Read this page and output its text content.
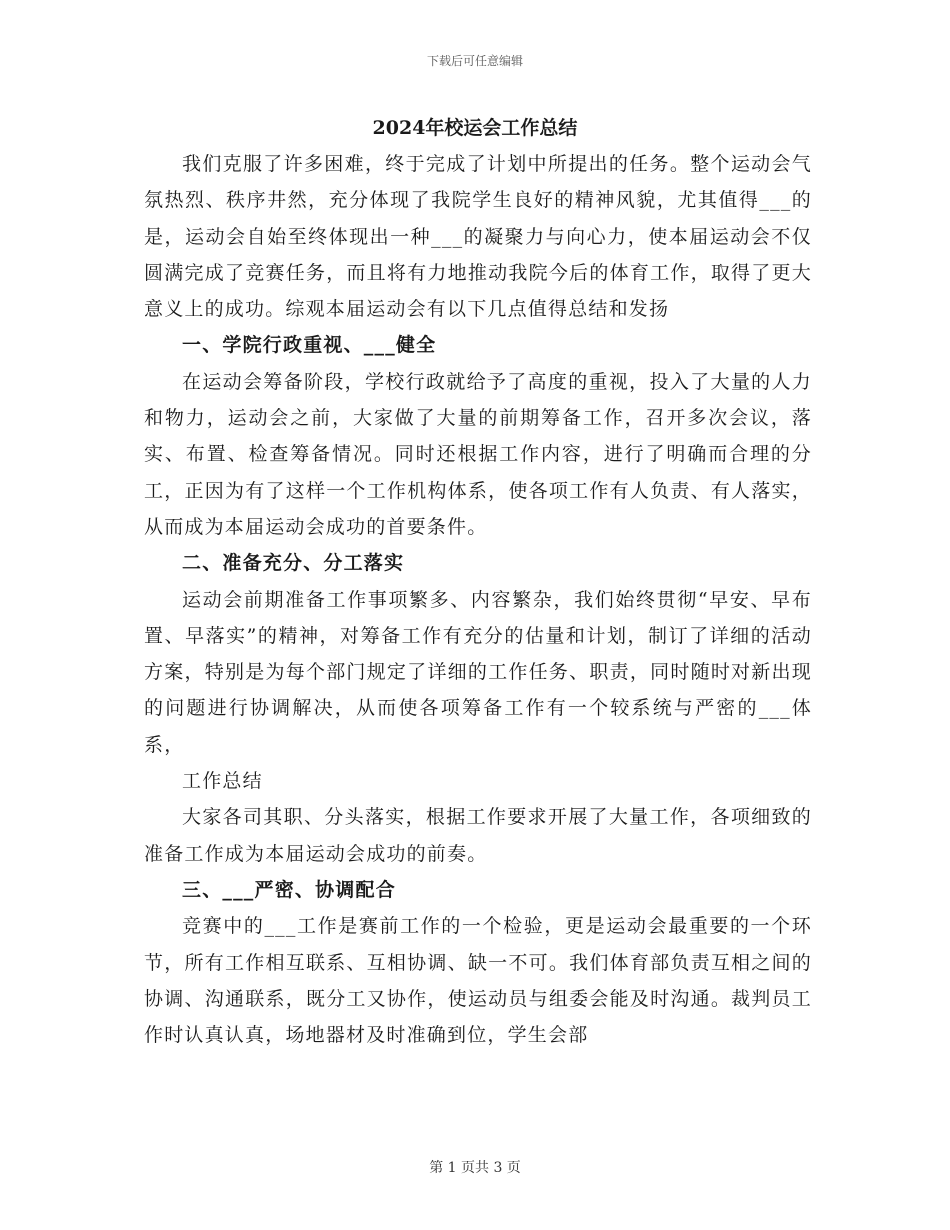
下载后可任意编辑
2024年校运会工作总结

我们克服了许多困难，终于完成了计划中所提出的任务。整个运动会气氛热烈、秩序井然，充分体现了我院学生良好的精神风貌，尤其值得___的是，运动会自始至终体现出一种___的凝聚力与向心力，使本届运动会不仅圆满完成了竞赛任务，而且将有力地推动我院今后的体育工作，取得了更大意义上的成功。综观本届运动会有以下几点值得总结和发扬

一、学院行政重视、___健全

在运动会筹备阶段，学校行政就给予了高度的重视，投入了大量的人力和物力，运动会之前，大家做了大量的前期筹备工作，召开多次会议，落实、布置、检查筹备情况。同时还根据工作内容，进行了明确而合理的分工，正因为有了这样一个工作机构体系，使各项工作有人负责、有人落实，从而成为本届运动会成功的首要条件。

二、准备充分、分工落实

运动会前期准备工作事项繁多、内容繁杂，我们始终贯彻“早安、早布置、早落实”的精神，对筹备工作有充分的估量和计划，制订了详细的活动方案，特别是为每个部门规定了详细的工作任务、职责，同时随时对新出现的问题进行协调解决，从而使各项筹备工作有一个较系统与严密的___体系，

工作总结

大家各司其职、分头落实，根据工作要求开展了大量工作，各项细致的准备工作成为本届运动会成功的前奏。

三、___严密、协调配合

竞赛中的___工作是赛前工作的一个检验，更是运动会最重要的一个环节，所有工作相互联系、互相协调、缺一不可。我们体育部负责互相之间的协调、沟通联系，既分工又协作，使运动员与组委会能及时沟通。裁判员工作时认真认真，场地器材及时准确到位，学生会部

第 1 页共 3 页
